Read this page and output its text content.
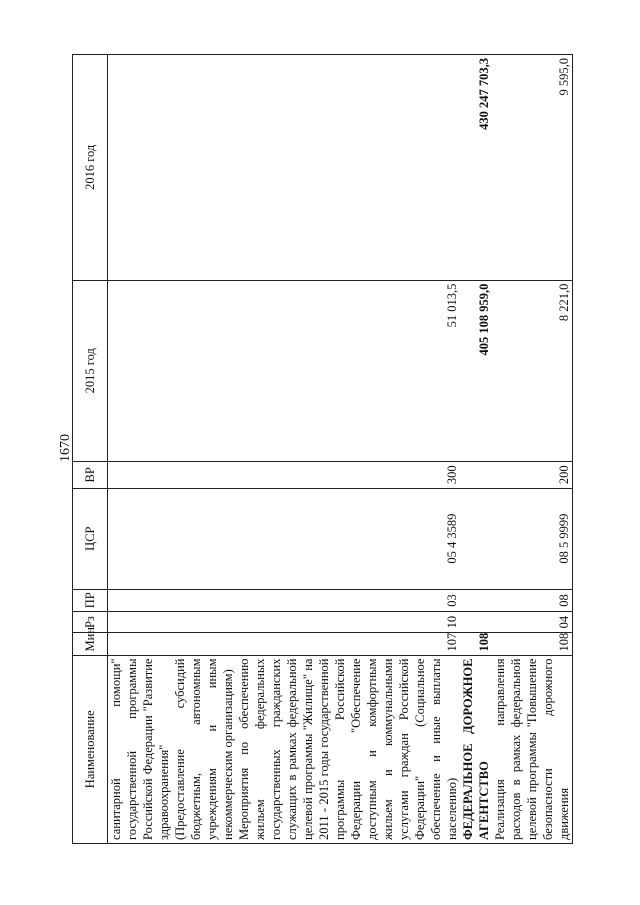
1670
Наименование	Мин	Рз	ПР	ЦСР	ВР	2015 год	2016 год
санитарной помощи" государственной программы Российской Федерации "Развитие здравоохранения" (Предоставление субсидий бюджетным, автономным учреждениям и иным некоммерческим организациям)							
Мероприятия по обеспечению жильем федеральных государственных гражданских служащих в рамках федеральной целевой программы "Жилище" на 2011 - 2015 годы государственной программы Российской Федерации "Обеспечение доступным и комфортным жильем и коммунальными услугами граждан Российской Федерации" (Социальное обеспечение и иные выплаты населению)	107	10	03	05 4 3589	300	51 013,5	
ФЕДЕРАЛЬНОЕ ДОРОЖНОЕ АГЕНТСТВО	108					405 108 959,0	430 247 703,3
Реализация направления расходов в рамках федеральной целевой программы "Повышение безопасности дорожного движения	108	04	08	08 5 9999	200	8 221,0	9 595,0
